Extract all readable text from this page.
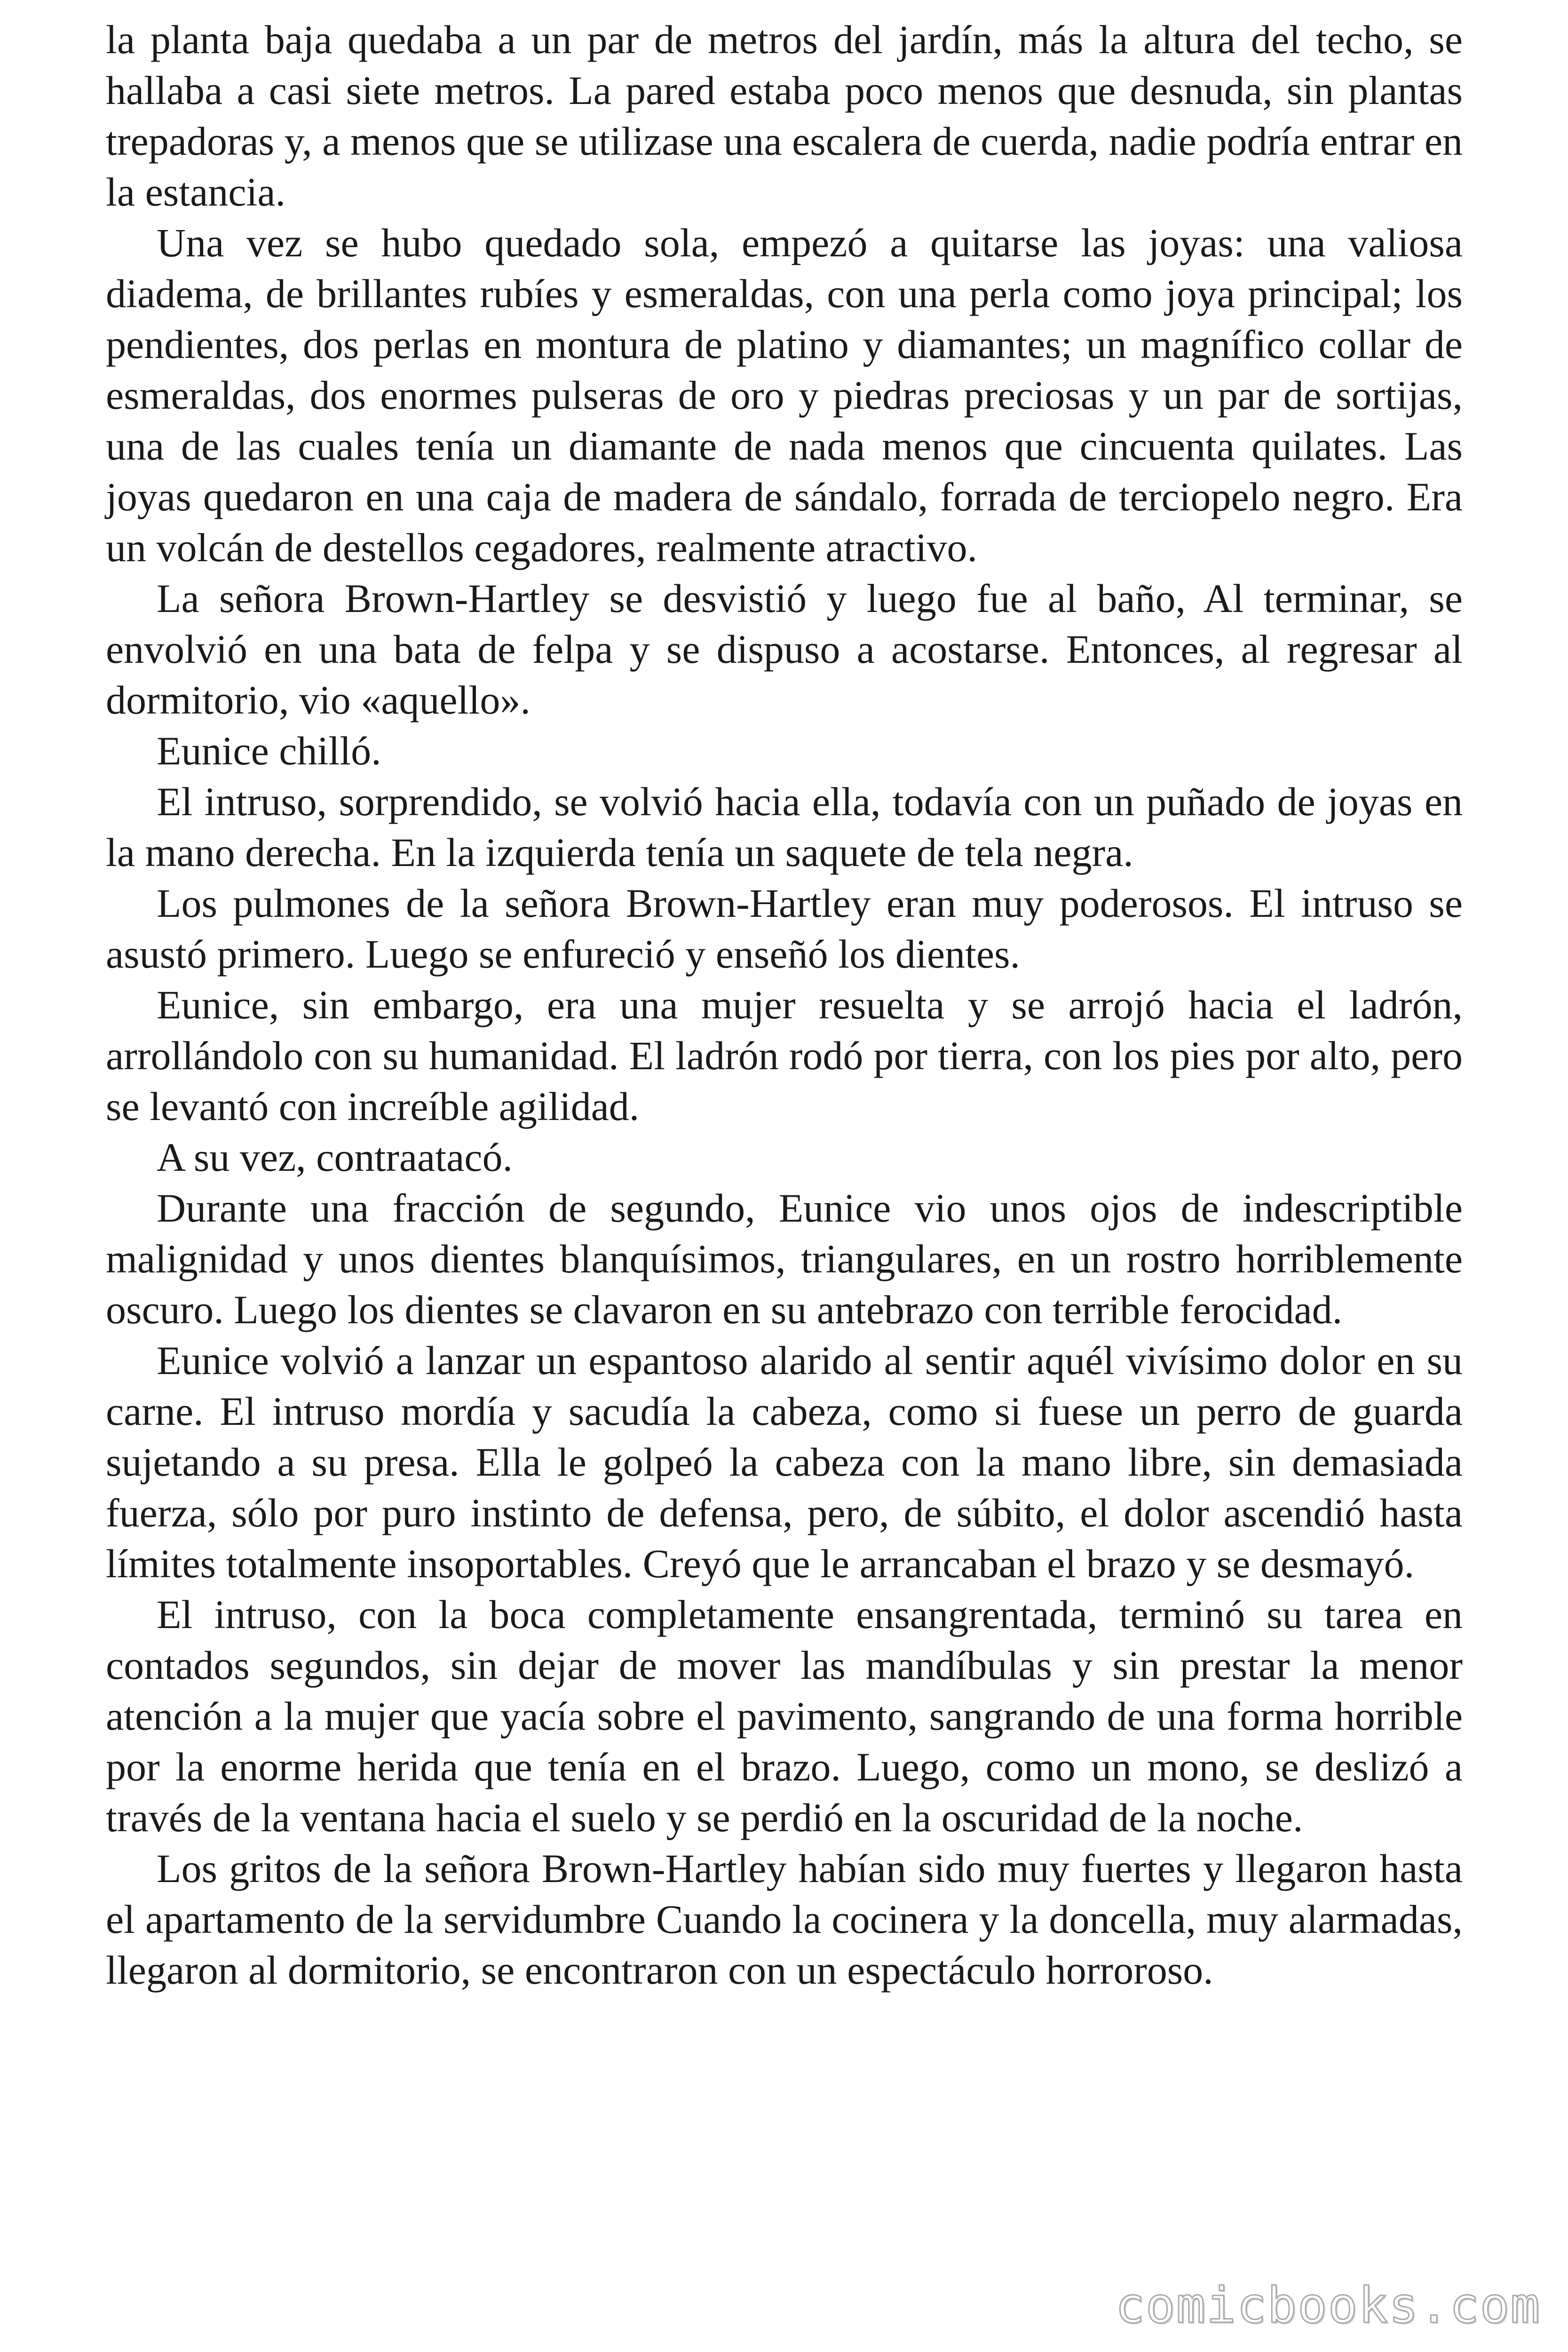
la planta baja quedaba a un par de metros del jardín, más la altura del techo, se hallaba a casi siete metros. La pared estaba poco menos que desnuda, sin plantas trepadoras y, a menos que se utilizase una escalera de cuerda, nadie podría entrar en la estancia.

Una vez se hubo quedado sola, empezó a quitarse las joyas: una valiosa diadema, de brillantes rubíes y esmeraldas, con una perla como joya principal; los pendientes, dos perlas en montura de platino y diamantes; un magnífico collar de esmeraldas, dos enormes pulseras de oro y piedras preciosas y un par de sortijas, una de las cuales tenía un diamante de nada menos que cincuenta quilates. Las joyas quedaron en una caja de madera de sándalo, forrada de terciopelo negro. Era un volcán de destellos cegadores, realmente atractivo.

La señora Brown-Hartley se desvistió y luego fue al baño, Al terminar, se envolvió en una bata de felpa y se dispuso a acostarse. Entonces, al regresar al dormitorio, vio «aquello».

Eunice chilló.

El intruso, sorprendido, se volvió hacia ella, todavía con un puñado de joyas en la mano derecha. En la izquierda tenía un saquete de tela negra.

Los pulmones de la señora Brown-Hartley eran muy poderosos. El intruso se asustó primero. Luego se enfureció y enseñó los dientes.

Eunice, sin embargo, era una mujer resuelta y se arrojó hacia el ladrón, arrollándolo con su humanidad. El ladrón rodó por tierra, con los pies por alto, pero se levantó con increíble agilidad.

A su vez, contraatacó.

Durante una fracción de segundo, Eunice vio unos ojos de indescriptible malignidad y unos dientes blanquísimos, triangulares, en un rostro horriblemente oscuro. Luego los dientes se clavaron en su antebrazo con terrible ferocidad.

Eunice volvió a lanzar un espantoso alarido al sentir aquél vivísimo dolor en su carne. El intruso mordía y sacudía la cabeza, como si fuese un perro de guarda sujetando a su presa. Ella le golpeó la cabeza con la mano libre, sin demasiada fuerza, sólo por puro instinto de defensa, pero, de súbito, el dolor ascendió hasta límites totalmente insoportables. Creyó que le arrancaban el brazo y se desmayó.

El intruso, con la boca completamente ensangrentada, terminó su tarea en contados segundos, sin dejar de mover las mandíbulas y sin prestar la menor atención a la mujer que yacía sobre el pavimento, sangrando de una forma horrible por la enorme herida que tenía en el brazo. Luego, como un mono, se deslizó a través de la ventana hacia el suelo y se perdió en la oscuridad de la noche.

Los gritos de la señora Brown-Hartley habían sido muy fuertes y llegaron hasta el apartamento de la servidumbre Cuando la cocinera y la doncella, muy alarmadas, llegaron al dormitorio, se encontraron con un espectáculo horroroso.

comicbooks.com
